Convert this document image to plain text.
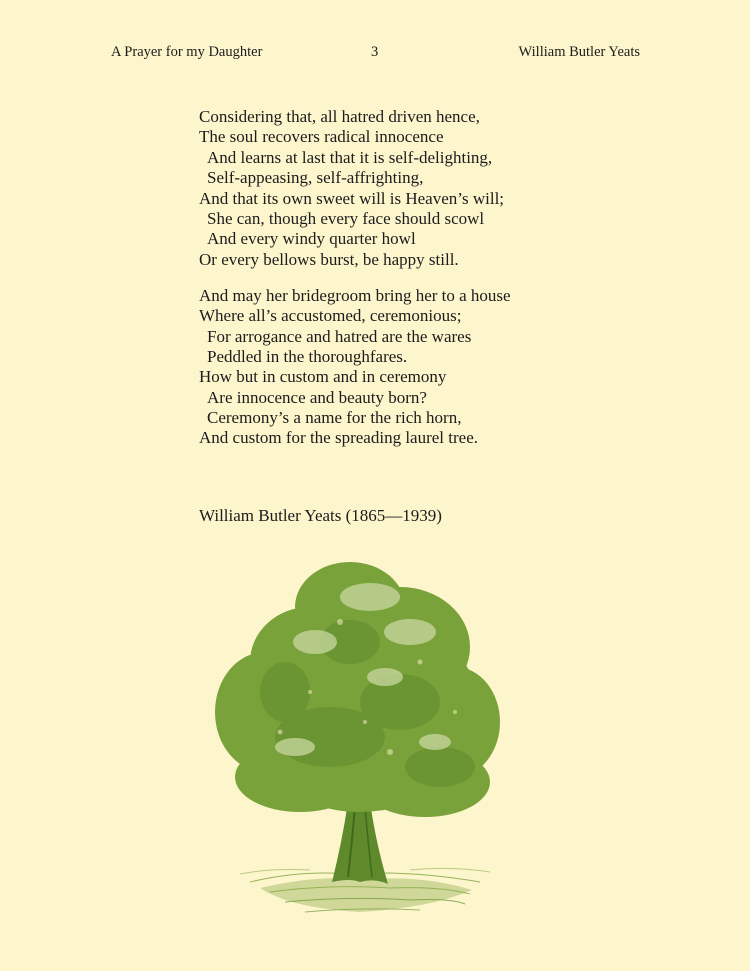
A Prayer for my Daughter	3	William Butler Yeats
Considering that, all hatred driven hence,
The soul recovers radical innocence
And learns at last that it is self-delighting,
Self-appeasing, self-affrighting,
And that its own sweet will is Heaven’s will;
She can, though every face should scowl
And every windy quarter howl
Or every bellows burst, be happy still.
And may her bridegroom bring her to a house
Where all’s accustomed, ceremonious;
For arrogance and hatred are the wares
Peddled in the thoroughfares.
How but in custom and in ceremony
Are innocence and beauty born?
Ceremony’s a name for the rich horn,
And custom for the spreading laurel tree.
William Butler Yeats (1865—1939)
